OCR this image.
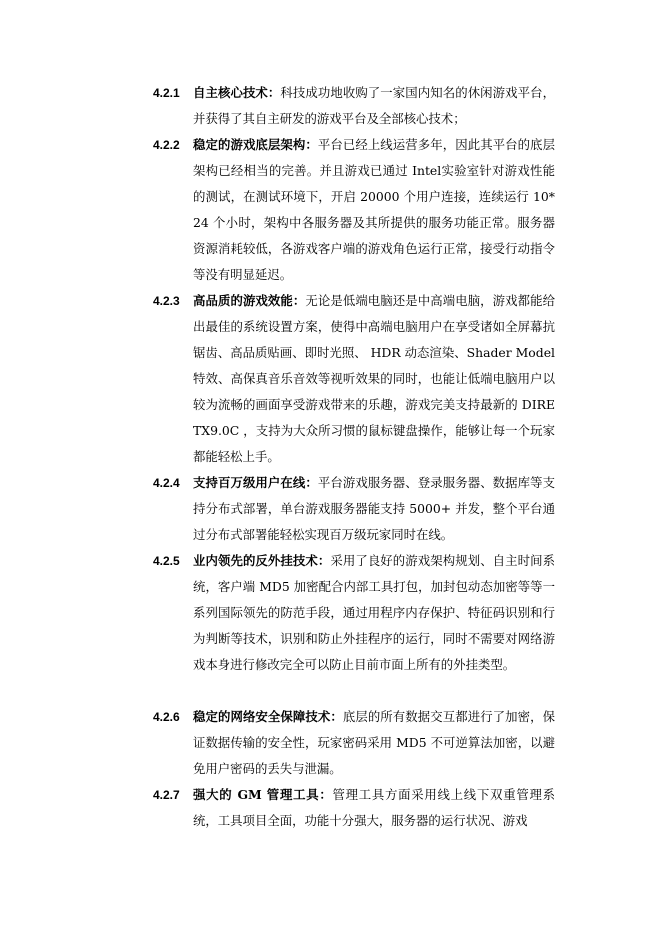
4.2.1 自主核心技术：科技成功地收购了一家国内知名的休闲游戏平台，并获得了其自主研发的游戏平台及全部核心技术；
4.2.2 稳定的游戏底层架构：平台已经上线运营多年，因此其平台的底层架构已经相当的完善。并且游戏已通过 Intel实验室针对游戏性能的测试，在测试环境下，开启 20000 个用户连接，连续运行 10*24 个小时，架构中各服务器及其所提供的服务功能正常。服务器资源消耗较低，各游戏客户端的游戏角色运行正常，接受行动指令等没有明显延迟。
4.2.3 高品质的游戏效能：无论是低端电脑还是中高端电脑，游戏都能给出最佳的系统设置方案，使得中高端电脑用户在享受诸如全屏幕抗锯齿、高品质贴画、即时光照、 HDR 动态渲染、Shader Model 特效、高保真音乐音效等视听效果的同时，也能让低端电脑用户以较为流畅的画面享受游戏带来的乐趣，游戏完美支持最新的 DIRETX9.0C ，支持为大众所习惯的鼠标键盘操作，能够让每一个玩家都能轻松上手。
4.2.4 支持百万级用户在线：平台游戏服务器、登录服务器、数据库等支持分布式部署，单台游戏服务器能支持 5000+ 并发，整个平台通过分布式部署能轻松实现百万级玩家同时在线。
4.2.5 业内领先的反外挂技术：采用了良好的游戏架构规划、自主时间系统，客户端 MD5 加密配合内部工具打包，加封包动态加密等等一系列国际领先的防范手段，通过用程序内存保护、特征码识别和行为判断等技术，识别和防止外挂程序的运行，同时不需要对网络游戏本身进行修改完全可以防止目前市面上所有的外挂类型。
4.2.6 稳定的网络安全保障技术：底层的所有数据交互都进行了加密，保证数据传输的安全性，玩家密码采用 MD5 不可逆算法加密，以避免用户密码的丢失与泄漏。
4.2.7 强大的 GM 管理工具：管理工具方面采用线上线下双重管理系统，工具项目全面，功能十分强大，服务器的运行状况、游戏
